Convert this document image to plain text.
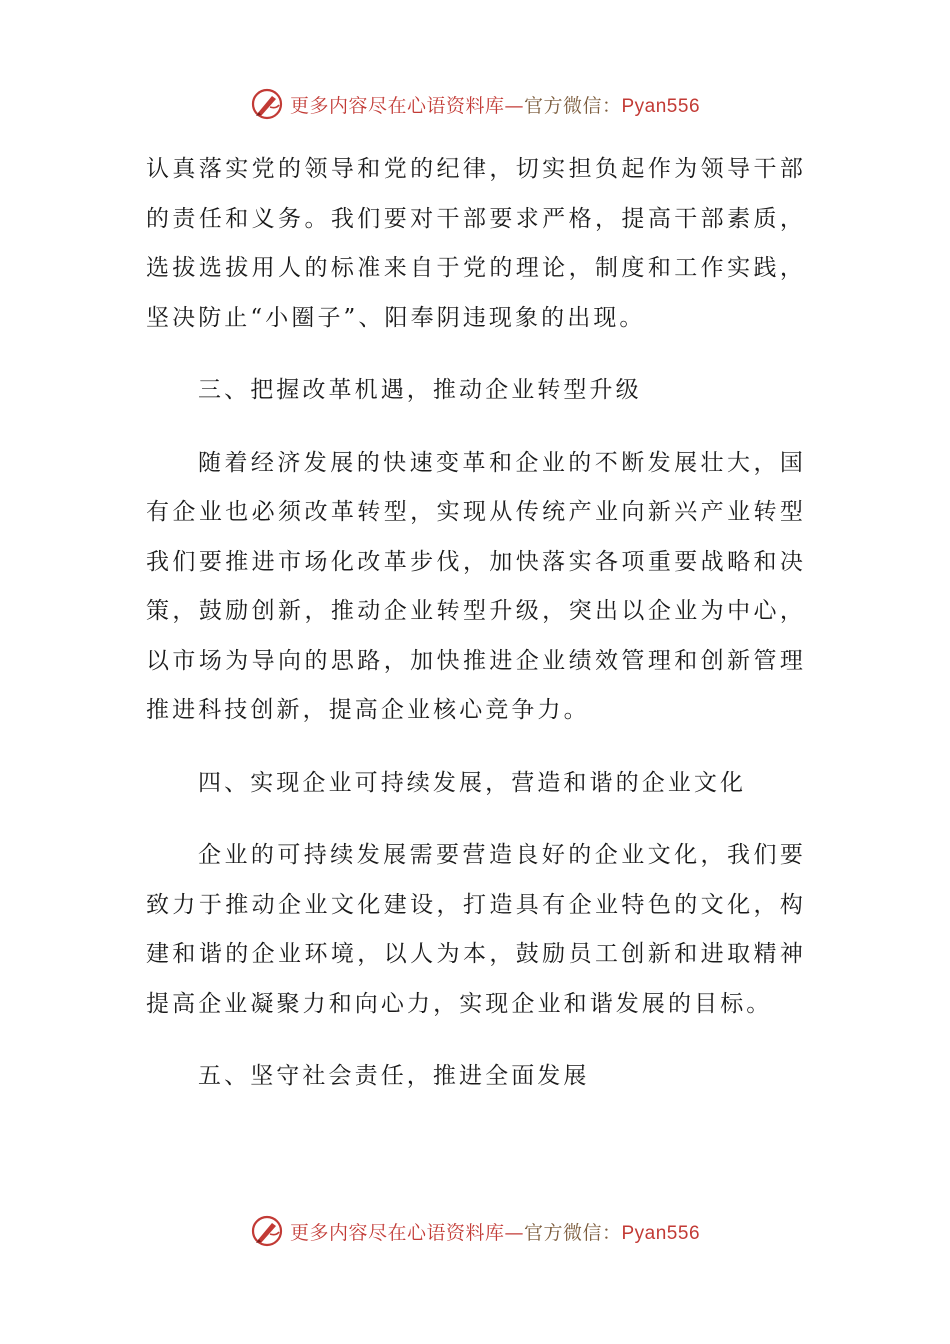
更多内容尽在心语资料库—官方微信：Pyan556

认真落实党的领导和党的纪律，切实担负起作为领导干部的责任和义务。我们要对干部要求严格，提高干部素质，选拔选拔用人的标准来自于党的理论，制度和工作实践，坚决防止“小圈子”、阳奉阴违现象的出现。

三、把握改革机遇，推动企业转型升级

随着经济发展的快速变革和企业的不断发展壮大，国有企业也必须改革转型，实现从传统产业向新兴产业转型我们要推进市场化改革步伐，加快落实各项重要战略和决策，鼓励创新，推动企业转型升级，突出以企业为中心，以市场为导向的思路，加快推进企业绩效管理和创新管理推进科技创新，提高企业核心竞争力。

四、实现企业可持续发展，营造和谐的企业文化

企业的可持续发展需要营造良好的企业文化，我们要致力于推动企业文化建设，打造具有企业特色的文化，构建和谐的企业环境，以人为本，鼓励员工创新和进取精神提高企业凝聚力和向心力，实现企业和谐发展的目标。

五、坚守社会责任，推进全面发展

更多内容尽在心语资料库—官方微信：Pyan556
